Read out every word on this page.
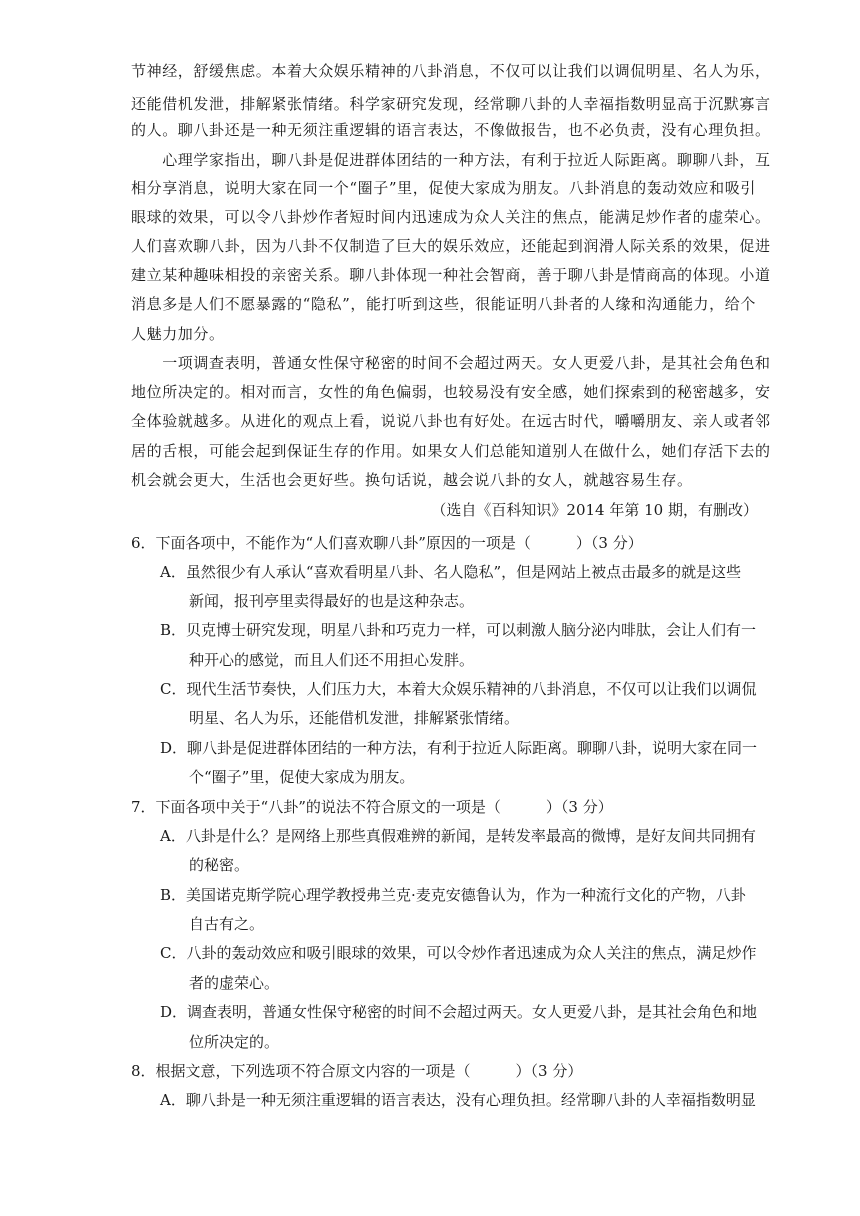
节神经，舒缓焦虑。本着大众娱乐精神的八卦消息，不仅可以让我们以调侃明星、名人为乐，
还能借机发泄，排解紧张情绪。科学家研究发现，经常聊八卦的人幸福指数明显高于沉默寡言
的人。聊八卦还是一种无须注重逻辑的语言表达，不像做报告，也不必负责，没有心理负担。
　　心理学家指出，聊八卦是促进群体团结的一种方法，有利于拉近人际距离。聊聊八卦，互
相分享消息，说明大家在同一个“圈子”里，促使大家成为朋友。八卦消息的轰动效应和吸引
眼球的效果，可以令八卦炒作者短时间内迅速成为众人关注的焦点，能满足炒作者的虚荣心。
人们喜欢聊八卦，因为八卦不仅制造了巨大的娱乐效应，还能起到润滑人际关系的效果，促进
建立某种趣味相投的亲密关系。聊八卦体现一种社会智商，善于聊八卦是情商高的体现。小道
消息多是人们不愿暴露的“隐私”，能打听到这些，很能证明八卦者的人缘和沟通能力，给个
人魅力加分。
　　一项调查表明，普通女性保守秘密的时间不会超过两天。女人更爱八卦，是其社会角色和
地位所决定的。相对而言，女性的角色偏弱，也较易没有安全感，她们探索到的秘密越多，安
全体验就越多。从进化的观点上看，说说八卦也有好处。在远古时代，嚼嚼朋友、亲人或者邻
居的舌根，可能会起到保证生存的作用。如果女人们总能知道别人在做什么，她们存活下去的
机会就会更大，生活也会更好些。换句话说，越会说八卦的女人，就越容易生存。
（选自《百科知识》2014 年第 10 期，有删改）
6．下面各项中，不能作为“人们喜欢聊八卦”原因的一项是（　　　）（3 分）
A．虽然很少有人承认“喜欢看明星八卦、名人隐私”，但是网站上被点击最多的就是这些
新闻，报刊亭里卖得最好的也是这种杂志。
B．贝克博士研究发现，明星八卦和巧克力一样，可以刺激人脑分泌内啡肽，会让人们有一
种开心的感觉，而且人们还不用担心发胖。
C．现代生活节奏快，人们压力大，本着大众娱乐精神的八卦消息，不仅可以让我们以调侃
明星、名人为乐，还能借机发泄，排解紧张情绪。
D．聊八卦是促进群体团结的一种方法，有利于拉近人际距离。聊聊八卦，说明大家在同一
个“圈子”里，促使大家成为朋友。
7．下面各项中关于“八卦”的说法不符合原文的一项是（　　　）（3 分）
A．八卦是什么？是网络上那些真假难辨的新闻，是转发率最高的微博，是好友间共同拥有
的秘密。
B．美国诺克斯学院心理学教授弗兰克·麦克安德鲁认为，作为一种流行文化的产物，八卦
自古有之。
C．八卦的轰动效应和吸引眼球的效果，可以令炒作者迅速成为众人关注的焦点，满足炒作
者的虚荣心。
D．调查表明，普通女性保守秘密的时间不会超过两天。女人更爱八卦，是其社会角色和地
位所决定的。
8．根据文意，下列选项不符合原文内容的一项是（　　　）（3 分）
A．聊八卦是一种无须注重逻辑的语言表达，没有心理负担。经常聊八卦的人幸福指数明显
